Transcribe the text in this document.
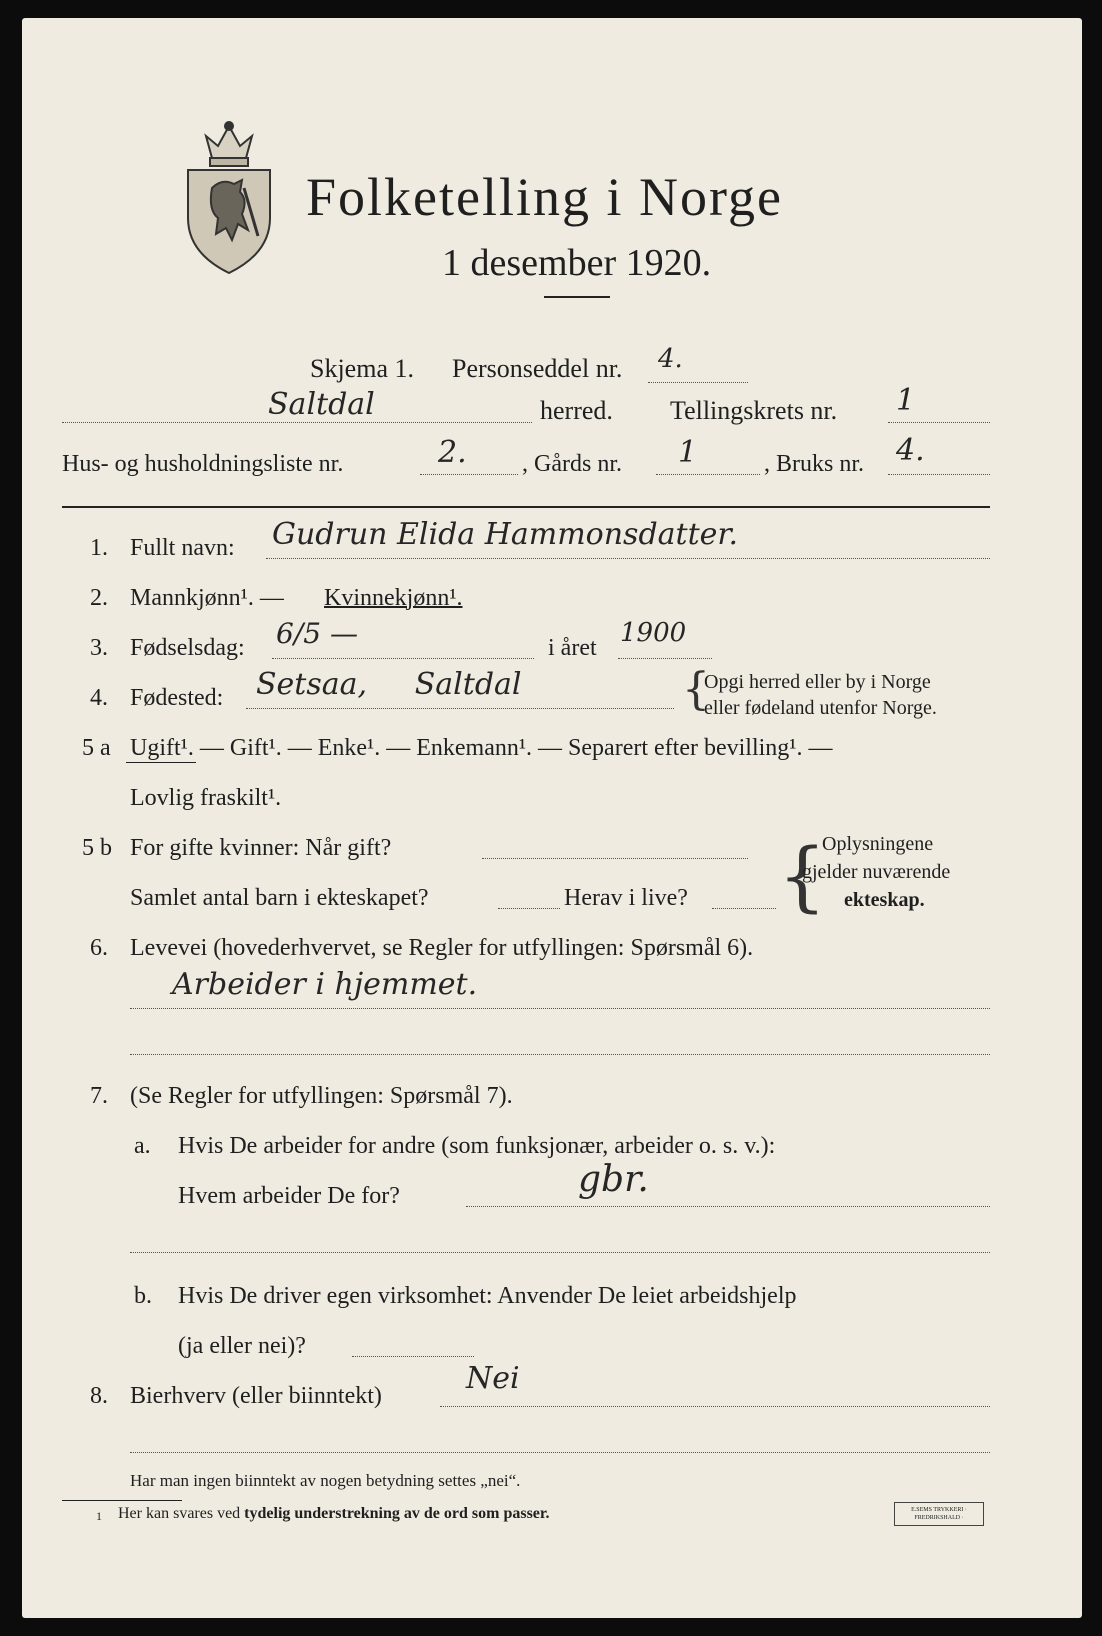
Folketelling i Norge
1 desember 1920.
Skjema 1. Personseddel nr. 4.
Saltdal	herred. Tellingskrets nr. 1
Hus- og husholdningsliste nr.	2. , Gårds nr. 1	, Bruks nr. 4.
1. Fullt navn: Gudrun Elida Hammonsdatter.
2. Mannkjønn¹. — Kvinnekjønn¹.
3. Fødselsdag: 6/5 —	i året 1900
4. Fødested: Setsaa,     Saltdal	{
Opgi herred eller by i Norge
eller fødeland utenfor Norge.
5 a Ugift¹. — Gift¹. — Enke¹. — Enkemann¹. — Separert efter bevilling¹. —
Lovlig fraskilt¹.
5 b For gifte kvinner: Når gift?
Samlet antal barn i ekteskapet?	Herav i live? {
Oplysningene
gjelder nuværende
ekteskap.
6. Levevei (hovederhvervet, se Regler for utfyllingen: Spørsmål 6).
Arbeider i hjemmet.
7. (Se Regler for utfyllingen: Spørsmål 7).
a. Hvis De arbeider for andre (som funksjonær, arbeider o. s. v.):
Hvem arbeider De for?	gbr.
b. Hvis De driver egen virksomhet: Anvender De leiet arbeidshjelp
(ja eller nei)?
8. Bierhverv (eller biinntekt)	Nei
Har man ingen biinntekt av nogen betydning settes „nei“.
1 Her kan svares ved tydelig understrekning av de ord som passer.	E.SEMS TRYKKERI · FREDRIKSHALD ·
